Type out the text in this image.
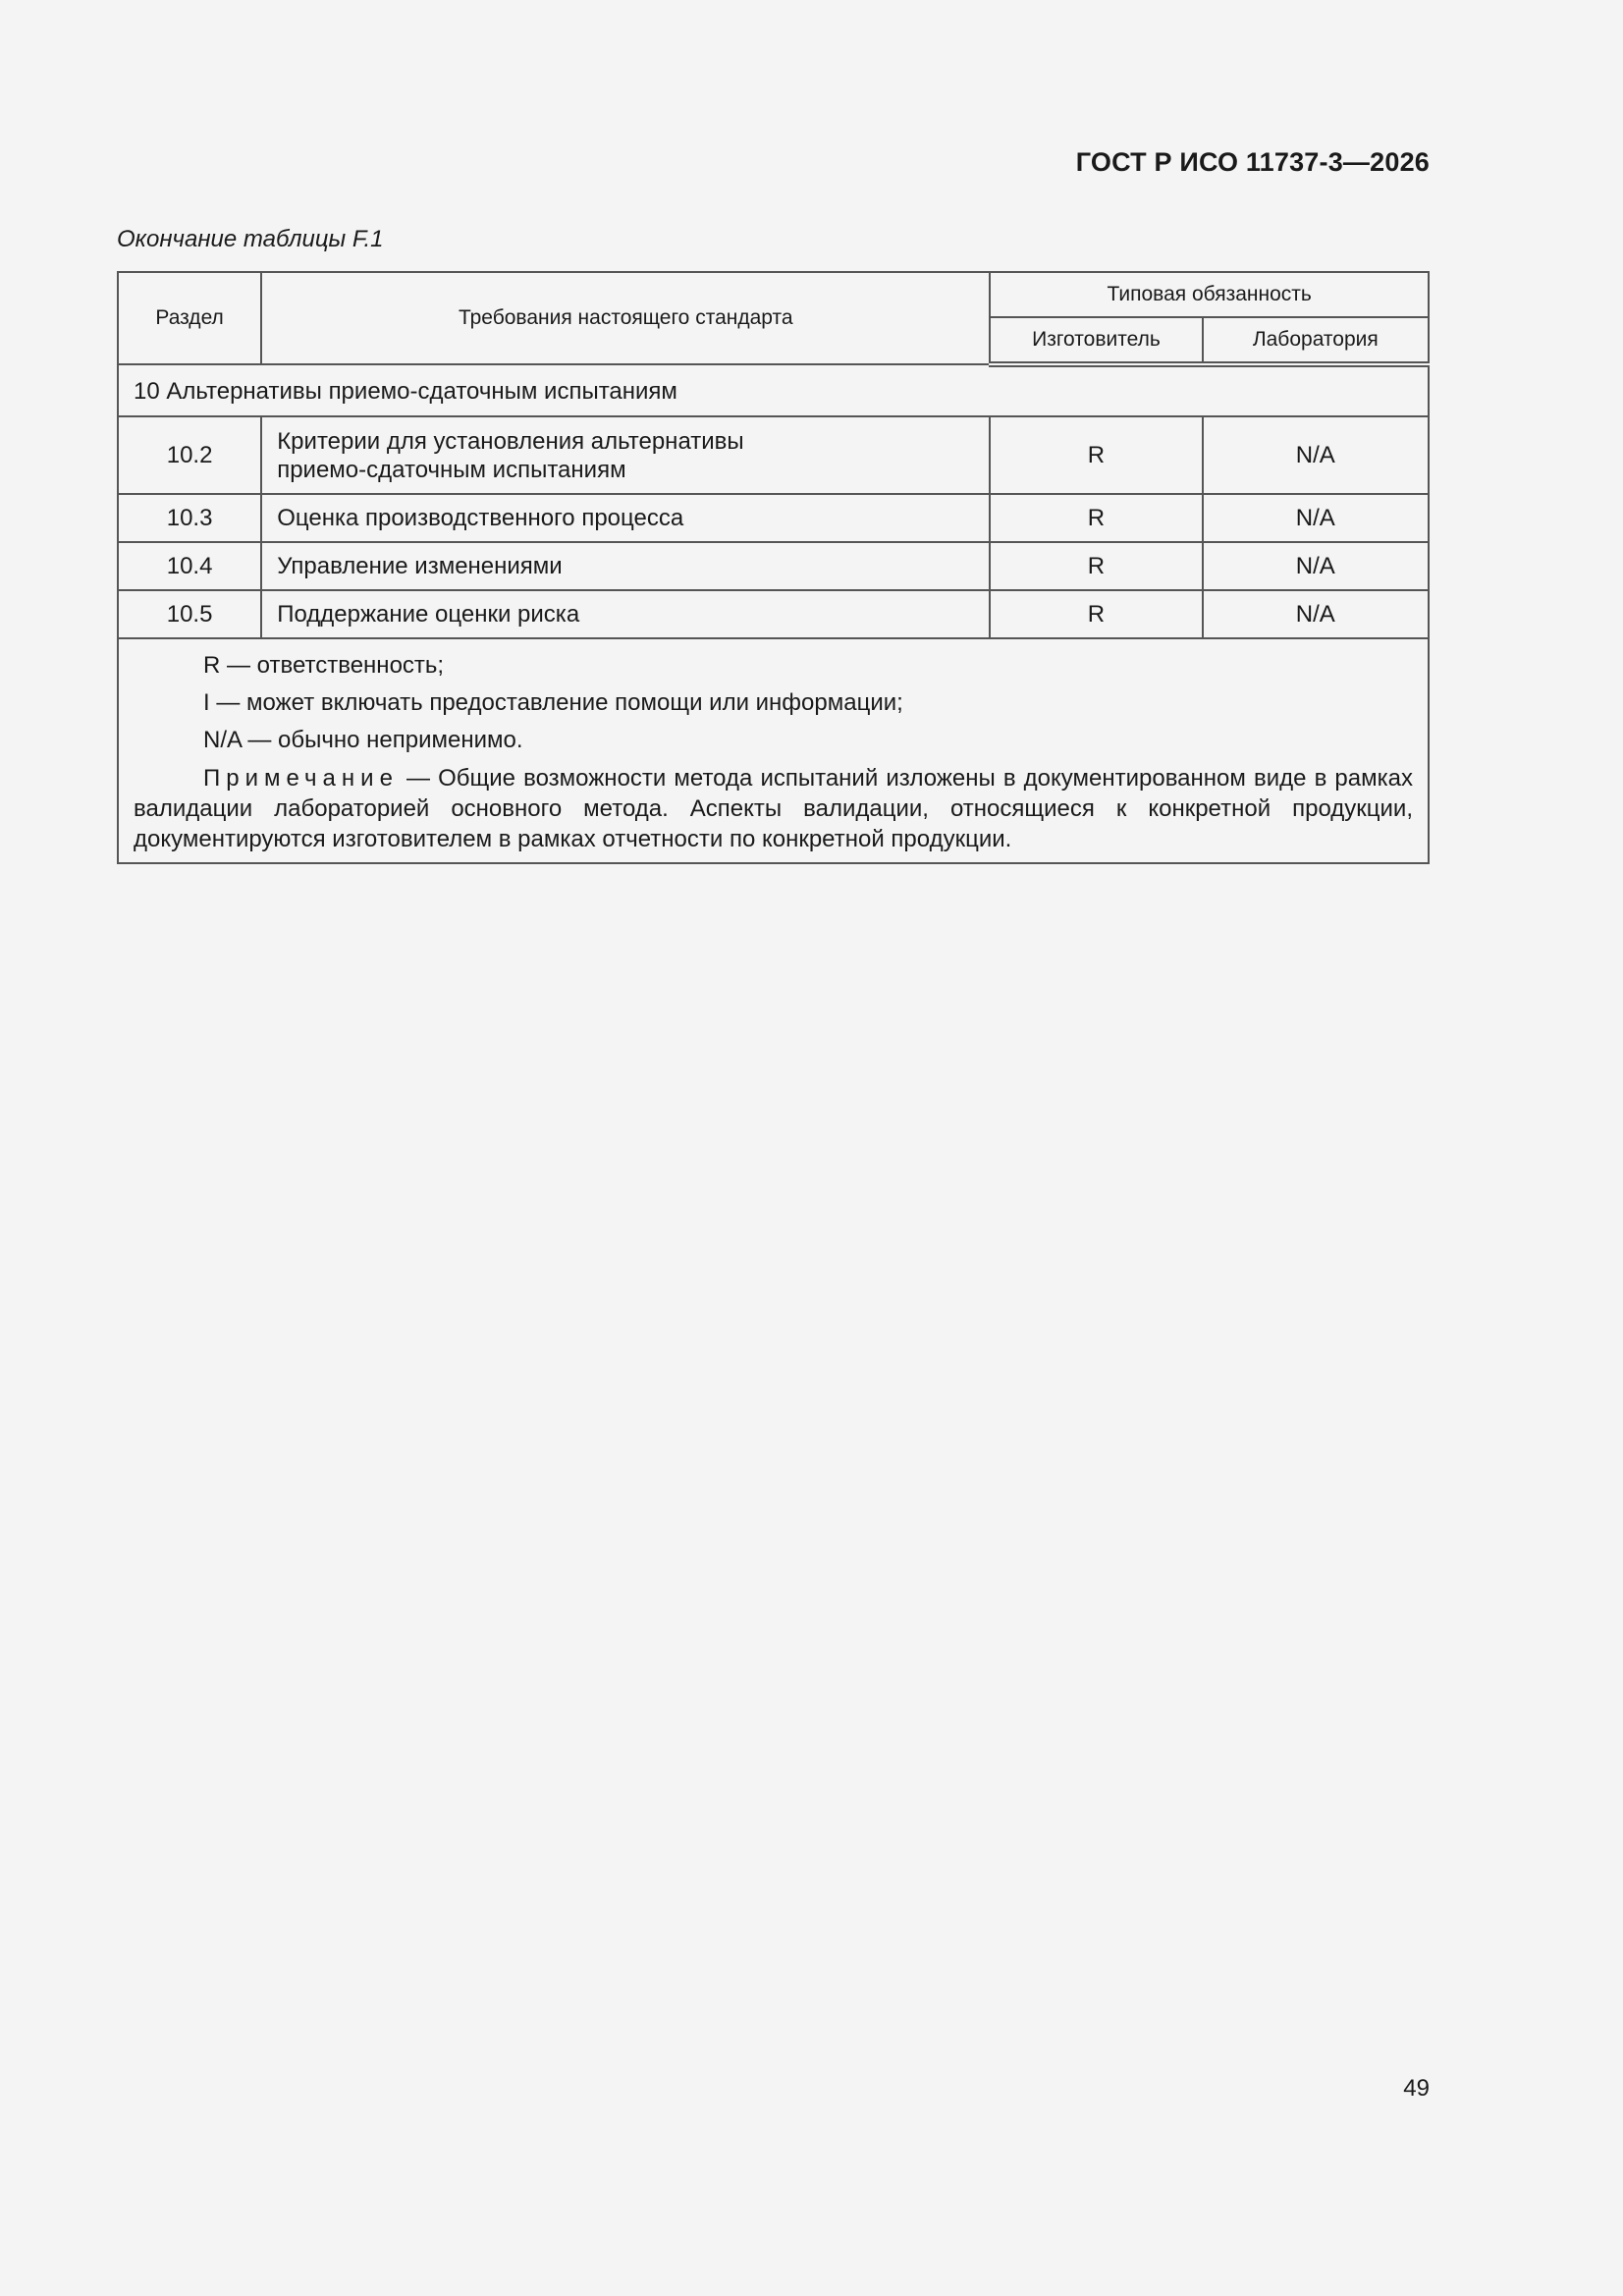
ГОСТ Р ИСО 11737-3—2026
Окончание таблицы F.1
Раздел	Требования настоящего стандарта	Типовая обязанность	
		Изготовитель	Лаборатория
10 Альтернативы приемо-сдаточным испытаниям			
10.2	Критерии для установления альтернативы
приемо-сдаточным испытаниям	R	N/A
10.3	Оценка производственного процесса	R	N/A
10.4	Управление изменениями	R	N/A
10.5	Поддержание оценки риска	R	N/A

R — ответственность;
I — может включать предоставление помощи или информации;
N/A — обычно неприменимо.
Примечание — Общие возможности метода испытаний изложены в документированном виде в рамках валидации лабораторией основного метода. Аспекты валидации, относящиеся к конкретной продукции, документируются изготовителем в рамках отчетности по конкретной продукции.			
49
